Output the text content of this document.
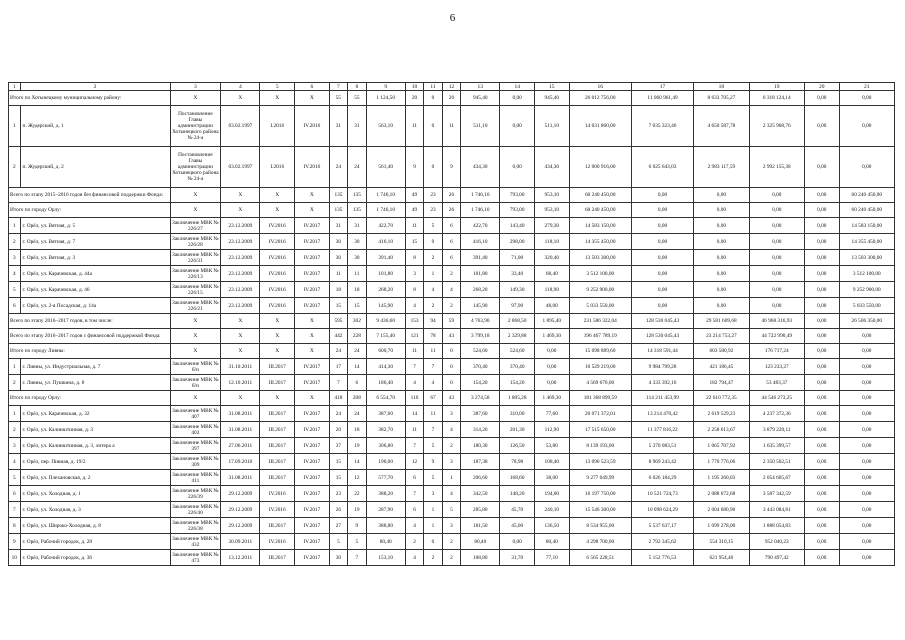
6
1	2	3	4	5	6	7	8	9	10	11	12	13	14	15	16	17	18	19	20	21
Итого по Хотынецкому муниципальному району:		X	X	X	X	55	55	1 124,50	20	0	20	945,40	0,00	945,40	26 012 756,00	11 060 961,49	8 633 705,27	6 318 124,14	0,00	0,00
1	п. Жудерский, д. 1	Постановление Главы администрации Хотынецкого района № 24-а	03.02.1997	I.2016	IV.2016	31	31	563,10	11	0	11	511,10	0,00	511,10	14 031 860,00	7 035 323,46	4 650 587,78	2 325 968,76	0,00	0,00
2	п. Жудерский, д. 2	Постановление Главы администрации Хотынецкого района № 24-а	03.02.1997	I.2016	IV.2016	24	24	561,40	9	0	9	434,30	0,00	434,30	12 000 916,00	6 025 643,03	2 983 117,59	2 992 155,38	0,00	0,00
Всего по этапу 2015–2016 годов без финансовой поддержки Фонда:		X	X	X	X	135	135	1 746,10	49	23	26	1 746,10	793,00	953,10	60 240 450,00	0,00	0,00	0,00	0,00	60 240 450,00
Итого по городу Орлу:		X	X	X	X	135	135	1 746,10	49	23	26	1 746,10	793,00	953,10	60 240 450,00	0,00	0,00	0,00	0,00	60 240 450,00
1	г. Орёл, ул. Вятная, д. 5	Заключение МВК № 226/27	23.12.2009	IV.2016	IV.2017	31	31	422,70	11	5	6	422,70	143,40	279,30	14 583 150,00	0,00	0,00	0,00	0,00	14 583 150,00
2	г. Орёл, ул. Вятная, д. 7	Заключение МВК № 226/28	23.12.2009	IV.2016	IV.2017	30	30	416,10	15	9	6	416,10	298,00	118,10	14 355 450,00	0,00	0,00	0,00	0,00	14 355 450,00
3	г. Орёл, ул. Вятная, д. 3	Заключение МВК № 226/31	23.12.2009	IV.2016	IV.2017	30	30	391,40	8	2	6	391,40	71,00	320,40	13 503 300,00	0,00	0,00	0,00	0,00	13 503 300,00
4	г. Орёл, ул. Карачевская, д. 44а	Заключение МВК № 226/13	23.12.2009	IV.2016	IV.2017	11	11	101,80	3	1	2	101,80	33,40	68,40	3 512 100,00	0,00	0,00	0,00	0,00	3 512 100,00
5	г. Орёл, ул. Карачевская, д. 46	Заключение МВК № 226/15	23.12.2009	IV.2016	IV.2017	18	18	268,20	8	4	4	268,20	149,30	118,90	9 252 900,00	0,00	0,00	0,00	0,00	9 252 900,00
6	г. Орёл, ул. 2-я Посадская, д. 14а	Заключение МВК № 226/21	23.12.2009	IV.2016	IV.2017	15	15	145,90	4	2	2	145,90	97,90	48,00	5 033 550,00	0,00	0,00	0,00	0,00	5 033 550,00
Всего по этапу 2016–2017 годов, в том числе:		X	X	X	X	595	302	9 436,60	153	94	59	4 763,90	2 868,50	1 895,40	231 586 322,04	128 530 045,43	29 581 609,68	46 968 316,93	0,00	26 506 350,00
Всего по этапу 2016–2017 годов с финансовой поддержкой Фонда:		X	X	X	X	442	228	7 155,40	121	78	43	3 799,18	2 329,88	1 469,30	196 467 789,19	128 530 045,43	23 214 753,27	44 722 990,49	0,00	0,00
Итого по городу Ливны:		X	X	X	X	24	24	600,70	11	11	0	524,60	524,60	0,00	15 098 889,60	14 318 591,44	603 580,92	176 717,24	0,00	0,00
1	г. Ливны, ул. Индустриальная, д. 7	Заключение МВК № б/н	31.10.2011	III.2017	IV.2017	17	14	414,30	7	7	0	370,40	370,40	0,00	10 529 219,00	9 984 799,28	421 186,45	123 233,27	0,00	0,00
2	г. Ливны, ул. Пушкина, д. 8	Заключение МВК № б/н	12.10.2011	III.2017	IV.2017	7	6	186,40	4	4	0	154,20	154,20	0,00	4 569 670,00	4 333 392,16	182 794,47	53 483,37	0,00	0,00
Итого по городу Орлу:		X	X	X	X	418	208	6 554,70	110	67	43	3 274,58	1 805,28	1 469,30	181 368 899,59	114 211 453,99	22 610 772,35	44 546 273,25	0,00	0,00
1	г. Орёл, ул. Карачевская, д. 32	Заключение МВК № 407	31.08.2011	III.2017	IV.2017	24	24	387,60	14	11	3	387,60	310,00	77,60	20 071 372,01	13 214 470,42	2 619 529,23	4 237 372,36	0,00	0,00
2	г. Орёл, ул. Калинштинная, д. 3	Заключение МВК № 402	31.08.2011	III.2017	IV.2017	20	18	382,70	11	7	4	314,20	201,30	112,90	17 515 650,00	11 377 816,22	2 258 613,67	3 879 220,11	0,00	0,00
3	г. Орёл, ул. Калинштинная, д. 3, литера а	Заключение МВК № 397	27.06.2011	III.2017	IV.2017	37	19	306,80	7	5	2	180,30	126,50	53,80	8 139 193,00	5 370 083,51	1 065 707,92	1 635 399,57	0,00	0,00
4	г. Орёл, пер. Пивная, д. 19/2	Заключение МВК № 309	17.09.2010	III.2017	IV.2017	15	14	190,00	12	9	3	187,38	78,98	108,40	13 090 523,59	8 969 243,42	1 770 776,06	2 350 502,51	0,00	0,00
5	г. Орёл, ул. Плехановская, д. 2	Заключение МВК № 411	31.08.2011	III.2017	IV.2017	15	12	577,70	6	5	1	206,60	168,60	38,00	9 277 049,99	6 026 184,29	1 195 260,03	2 054 605,67	0,00	0,00
6	г. Орёл, ул. Холодная, д. 1	Заключение МВК № 226/39	29.12.2009	IV.2016	IV.2017	23	22	388,20	7	3	4	342,50	148,20	194,00	16 197 750,00	10 521 724,73	2 088 672,68	3 587 342,59	0,00	0,00
7	г. Орёл, ул. Холодная, д. 3	Заключение МВК № 226/40	29.12.2009	IV.2016	IV.2017	26	19	287,90	6	1	5	285,80	45,70	240,10	15 546 300,00	10 098 624,29	2 004 680,90	3 443 084,81	0,00	0,00
8	г. Орёл, ул. Широко-Холодная, д. 8	Заключение МВК № 226/38	29.12.2009	III.2017	IV.2017	27	9	388,80	4	1	3	181,50	45,00	136,50	8 534 955,00	5 537 637,17	1 099 278,00	1 888 054,83	0,00	0,00
9	г. Орёл, Рабочий городок, д. 28	Заключение МВК № 432	30.09.2011	IV.2016	IV.2017	5	5	80,40	2	0	2	80,40	0,00	80,40	4 298 700,00	2 792 345,62	554 310,15	952 040,23	0,00	0,00
10	г. Орёл, Рабочий городок, д. 36	Заключение МВК № 473	13.12.2011	III.2017	IV.2017	30	7	153,10	4	2	2	108,80	31,70	77,10	6 565 228,51	5 152 776,53	621 954,46	790 497,42	0,00	0,00
